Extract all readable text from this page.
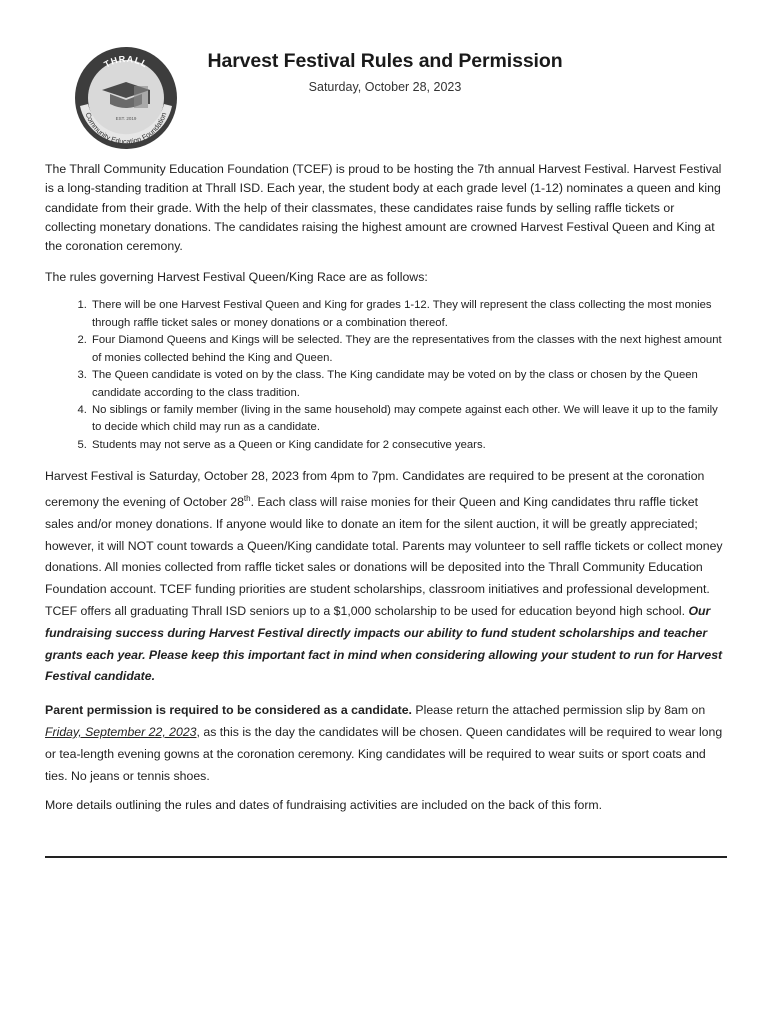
THRALL
Community Education Foundation
EST. 2019
Harvest Festival Rules and Permission
Saturday, October 28, 2023

The Thrall Community Education Foundation (TCEF) is proud to be hosting the 7th annual Harvest Festival. Harvest Festival is a long-standing tradition at Thrall ISD. Each year, the student body at each grade level (1-12) nominates a queen and king candidate from their grade. With the help of their classmates, these candidates raise funds by selling raffle tickets or collecting monetary donations. The candidates raising the highest amount are crowned Harvest Festival Queen and King at the coronation ceremony.

The rules governing Harvest Festival Queen/King Race are as follows:

1. There will be one Harvest Festival Queen and King for grades 1-12. They will represent the class collecting the most monies through raffle ticket sales or money donations or a combination thereof.
2. Four Diamond Queens and Kings will be selected. They are the representatives from the classes with the next highest amount of monies collected behind the King and Queen.
3. The Queen candidate is voted on by the class. The King candidate may be voted on by the class or chosen by the Queen candidate according to the class tradition.
4. No siblings or family member (living in the same household) may compete against each other. We will leave it up to the family to decide which child may run as a candidate.
5. Students may not serve as a Queen or King candidate for 2 consecutive years.

Harvest Festival is Saturday, October 28, 2023 from 4pm to 7pm. Candidates are required to be present at the coronation ceremony the evening of October 28th. Each class will raise monies for their Queen and King candidates thru raffle ticket sales and/or money donations. If anyone would like to donate an item for the silent auction, it will be greatly appreciated; however, it will NOT count towards a Queen/King candidate total. Parents may volunteer to sell raffle tickets or collect money donations. All monies collected from raffle ticket sales or donations will be deposited into the Thrall Community Education Foundation account. TCEF funding priorities are student scholarships, classroom initiatives and professional development. TCEF offers all graduating Thrall ISD seniors up to a $1,000 scholarship to be used for education beyond high school. Our fundraising success during Harvest Festival directly impacts our ability to fund student scholarships and teacher grants each year. Please keep this important fact in mind when considering allowing your student to run for Harvest Festival candidate.

Parent permission is required to be considered as a candidate. Please return the attached permission slip by 8am on Friday, September 22, 2023, as this is the day the candidates will be chosen. Queen candidates will be required to wear long or tea-length evening gowns at the coronation ceremony. King candidates will be required to wear suits or sport coats and ties. No jeans or tennis shoes.

More details outlining the rules and dates of fundraising activities are included on the back of this form.
